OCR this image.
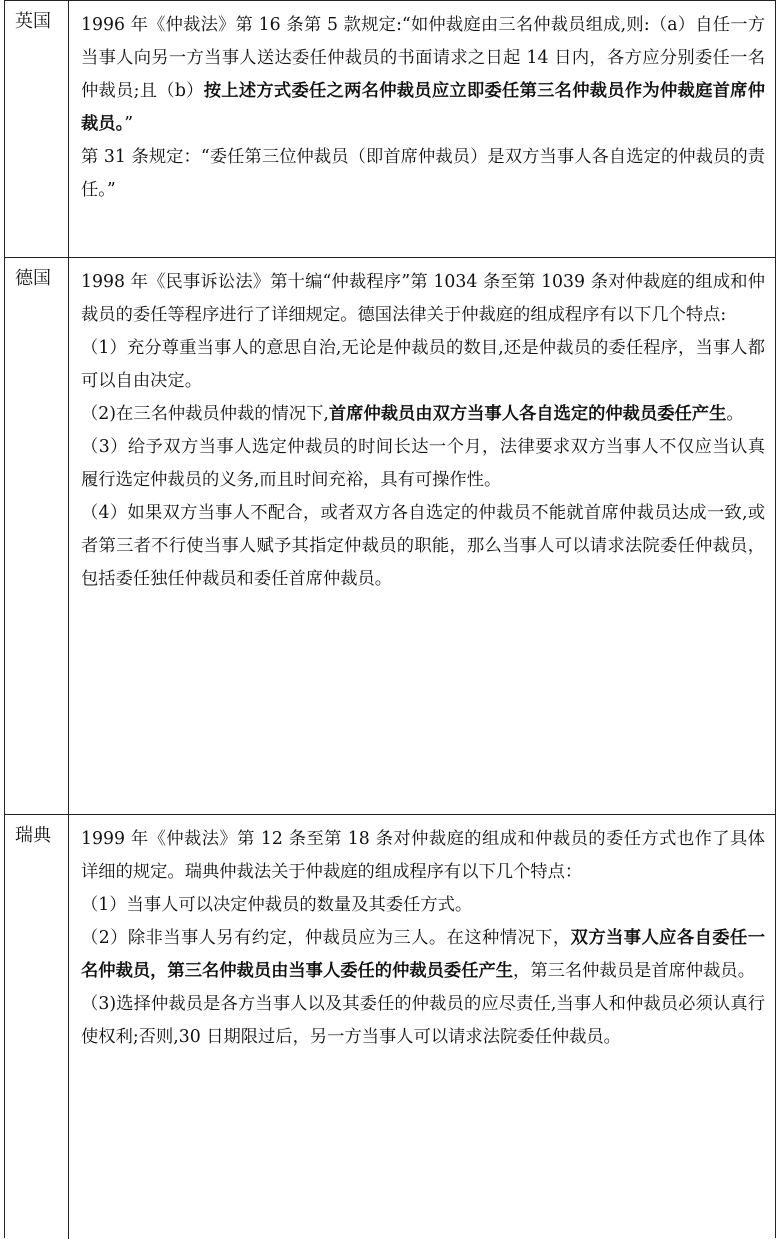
英国	1996 年《仲裁法》第 16 条第 5 款规定:“如仲裁庭由三名仲裁员组成,则:（a）自任一方当事人向另一方当事人送达委任仲裁员的书面请求之日起 14 日内，各方应分别委任一名仲裁员;且（b）按上述方式委任之两名仲裁员应立即委任第三名仲裁员作为仲裁庭首席仲裁员。”

第 31 条规定：“委任第三位仲裁员（即首席仲裁员）是双方当事人各自选定的仲裁员的责任。”

德国	1998 年《民事诉讼法》第十编“仲裁程序”第 1034 条至第 1039 条对仲裁庭的组成和仲裁员的委任等程序进行了详细规定。德国法律关于仲裁庭的组成程序有以下几个特点:

（1）充分尊重当事人的意思自治,无论是仲裁员的数目,还是仲裁员的委任程序，当事人都可以自由决定。

（2)在三名仲裁员仲裁的情况下,首席仲裁员由双方当事人各自选定的仲裁员委任产生。

（3）给予双方当事人选定仲裁员的时间长达一个月，法律要求双方当事人不仅应当认真履行选定仲裁员的义务,而且时间充裕，具有可操作性。

（4）如果双方当事人不配合，或者双方各自选定的仲裁员不能就首席仲裁员达成一致,或者第三者不行使当事人赋予其指定仲裁员的职能，那么当事人可以请求法院委任仲裁员，包括委任独任仲裁员和委任首席仲裁员。

瑞典	1999 年《仲裁法》第 12 条至第 18 条对仲裁庭的组成和仲裁员的委任方式也作了具体详细的规定。瑞典仲裁法关于仲裁庭的组成程序有以下几个特点：

（1）当事人可以决定仲裁员的数量及其委任方式。

（2）除非当事人另有约定，仲裁员应为三人。在这种情况下，双方当事人应各自委任一名仲裁员，第三名仲裁员由当事人委任的仲裁员委任产生，第三名仲裁员是首席仲裁员。

（3)选择仲裁员是各方当事人以及其委任的仲裁员的应尽责任,当事人和仲裁员必须认真行使权利;否则,30 日期限过后，另一方当事人可以请求法院委任仲裁员。
